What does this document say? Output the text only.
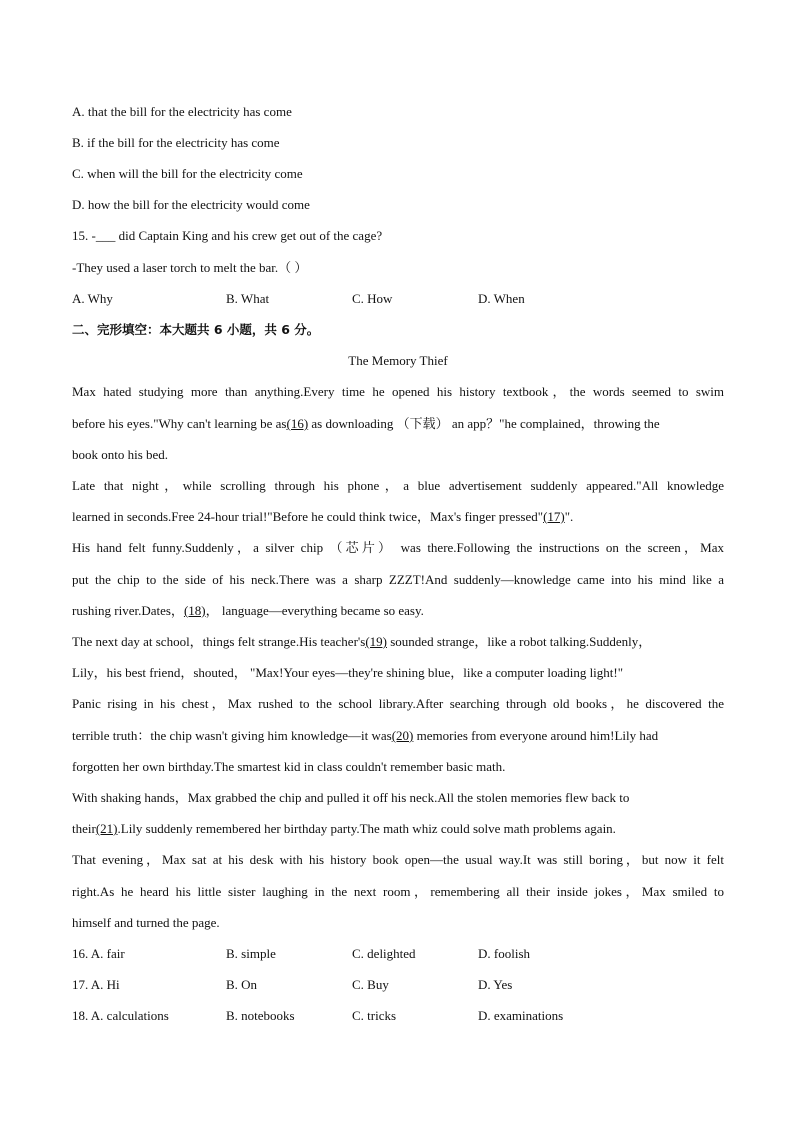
A. that the bill for the electricity has come
B. if the bill for the electricity has come
C. when will the bill for the electricity come
D. how the bill for the electricity would come
15. -___ did Captain King and his crew get out of the cage?
-They used a laser torch to melt the bar.（ ）
A. Why	B. What	C. How	D. When
二、完形填空：本大题共 6 小题，共 6 分。
The Memory Thief
Max hated studying more than anything.Every time he opened his history textbook，the words seemed to swim
before his eyes."Why can't learning be as(16) as downloading （下载） an app？"he complained，throwing the
book onto his bed.
Late that night，while scrolling through his phone，a blue advertisement suddenly appeared."All knowledge
learned in seconds.Free 24-hour trial!"Before he could think twice，Max's finger pressed"(17)".
His hand felt funny.Suddenly，a silver chip （芯片） was there.Following the instructions on the screen，Max
put the chip to the side of his neck.There was a sharp ZZZT!And suddenly—knowledge came into his mind like a
rushing river.Dates，(18)， language—everything became so easy.
The next day at school，things felt strange.His teacher's(19) sounded strange，like a robot talking.Suddenly，
Lily，his best friend，shouted， "Max!Your eyes—they're shining blue，like a computer loading light!"
Panic rising in his chest，Max rushed to the school library.After searching through old books，he discovered the
terrible truth：the chip wasn't giving him knowledge—it was(20) memories from everyone around him!Lily had
forgotten her own birthday.The smartest kid in class couldn't remember basic math.
With shaking hands，Max grabbed the chip and pulled it off his neck.All the stolen memories flew back to
their(21).Lily suddenly remembered her birthday party.The math whiz could solve math problems again.
That evening，Max sat at his desk with his history book open—the usual way.It was still boring，but now it felt
right.As he heard his little sister laughing in the next room，remembering all their inside jokes，Max smiled to
himself and turned the page.
16. A. fair	B. simple	C. delighted	D. foolish
17. A. Hi	B. On	C. Buy	D. Yes
18. A. calculations	B. notebooks	C. tricks	D. examinations
